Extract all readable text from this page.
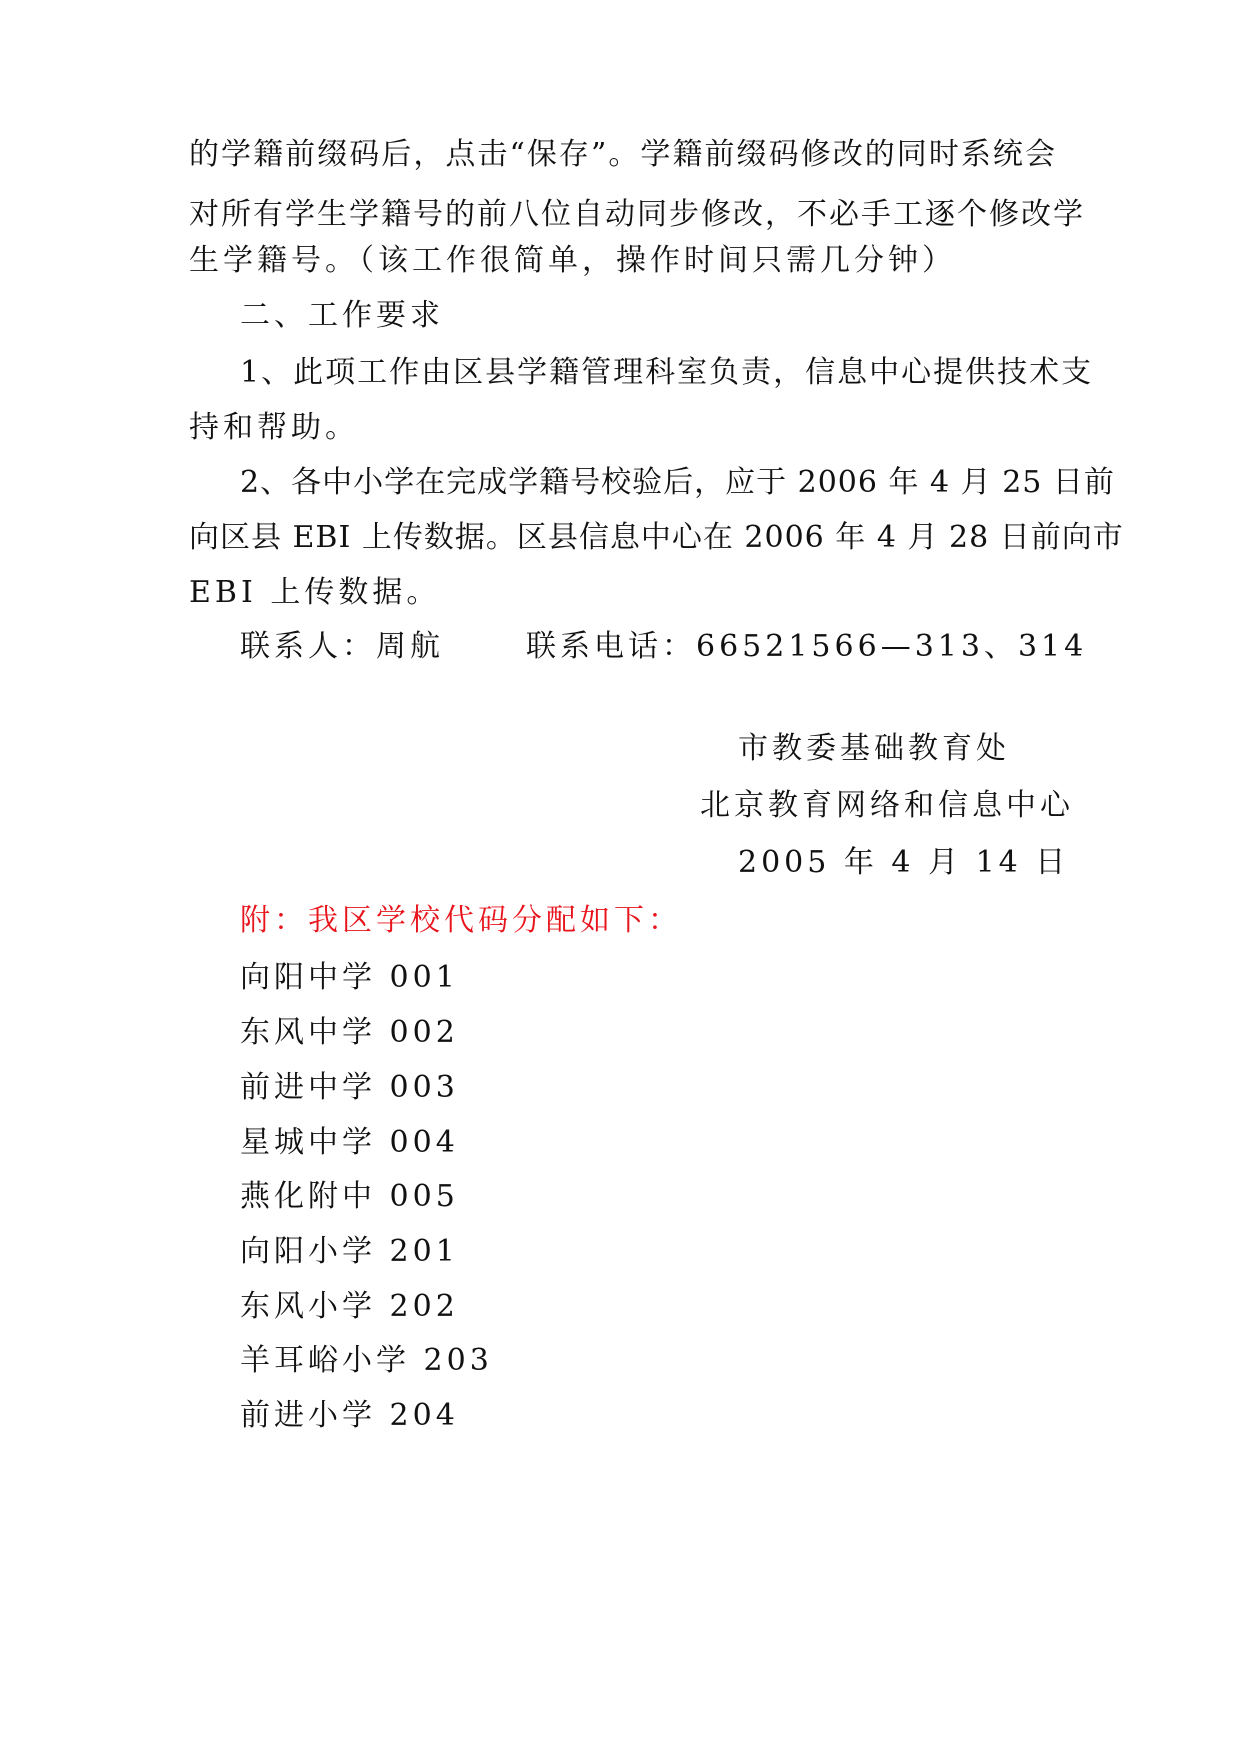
的学籍前缀码后，点击“保存”。学籍前缀码修改的同时系统会
对所有学生学籍号的前八位自动同步修改，不必手工逐个修改学
生学籍号。（该工作很简单，操作时间只需几分钟）
二、工作要求
1、此项工作由区县学籍管理科室负责，信息中心提供技术支
持和帮助。
2、各中小学在完成学籍号校验后，应于 2006 年 4 月 25 日前
向区县 EBI 上传数据。区县信息中心在 2006 年 4 月 28 日前向市
EBI 上传数据。
联系人：周航	联系电话：66521566—313、314
市教委基础教育处
北京教育网络和信息中心
2005 年 4 月 14 日
附：我区学校代码分配如下：
向阳中学 001
东风中学 002
前进中学 003
星城中学 004
燕化附中 005
向阳小学 201
东风小学 202
羊耳峪小学 203
前进小学 204
